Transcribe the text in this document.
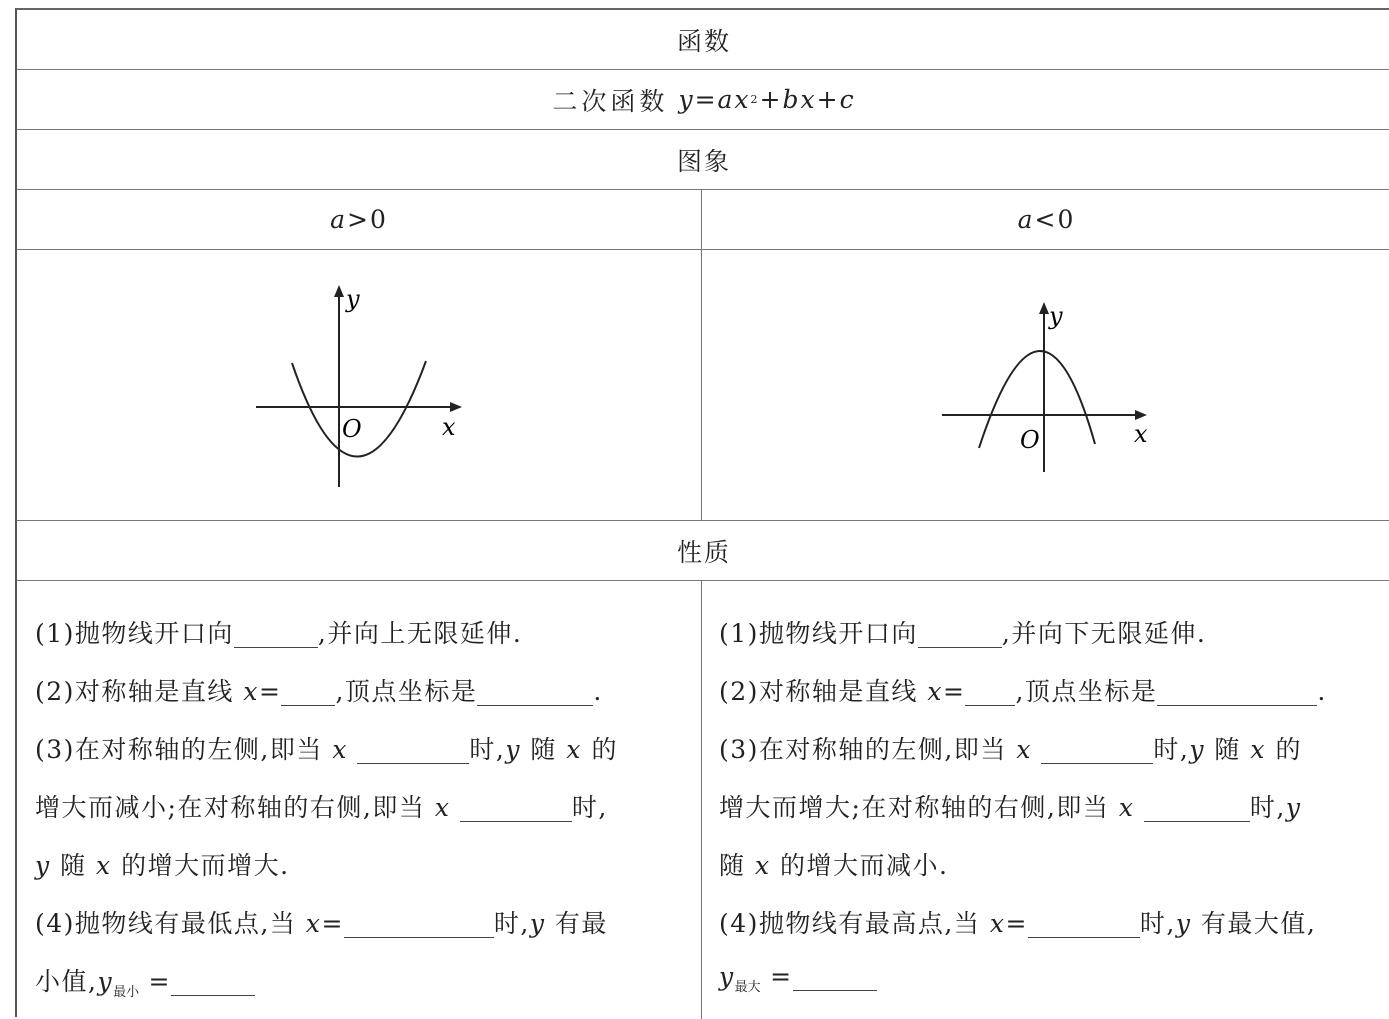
函数
二次函数 y = a x 2 + b x + c
图象
a > 0	a < 0
y
x
O
y
x
O
性质
(1)抛物线开口向	,并向上无限延伸.
(2)对称轴是直线 x= ,顶点坐标是	.
(3)在对称轴的左侧,即当 x	时,y 随 x 的
增大而减小;在对称轴的右侧,即当 x	时,
y 随 x 的增大而增大.
(4)抛物线有最低点,当 x=	时,y 有最
小值$,y_{最小}$ =
(1)抛物线开口向	,并向下无限延伸.
(2)对称轴是直线 x= ,顶点坐标是	.
(3)在对称轴的左侧,即当 x	时,y 随 x 的
增大而增大;在对称轴的右侧,即当 x	时,y
随 x 的增大而减小.
(4)抛物线有最高点,当 x=	时,y 有最大值,
$y_{最大}$ =
